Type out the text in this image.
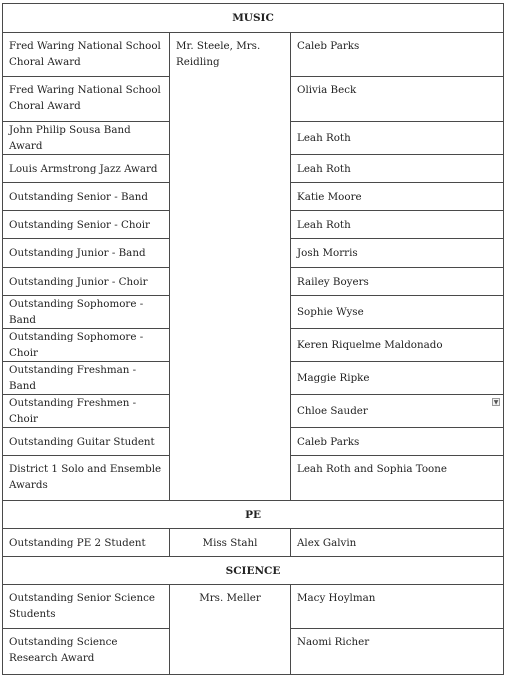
MUSIC		
Fred Waring National School Choral Award	Mr. Steele, Mrs. Reidling	Caleb Parks
Fred Waring National School Choral Award		Olivia Beck
John Philip Sousa Band Award		Leah Roth
Louis Armstrong Jazz Award		Leah Roth
Outstanding Senior - Band		Katie Moore
Outstanding Senior - Choir		Leah Roth
Outstanding Junior - Band		Josh Morris
Outstanding Junior - Choir		Railey Boyers
Outstanding Sophomore - Band		Sophie Wyse
Outstanding Sophomore - Choir		Keren Riquelme Maldonado
Outstanding Freshman - Band		Maggie Ripke
Outstanding Freshmen - Choir		Chloe Sauder
▼

Outstanding Guitar Student		Caleb Parks
District 1 Solo and Ensemble Awards		Leah Roth and Sophia Toone
PE		
Outstanding PE 2 Student	Miss Stahl	Alex Galvin
SCIENCE		
Outstanding Senior Science Students	Mrs. Meller	Macy Hoylman
Outstanding Science Research Award		Naomi Richer
